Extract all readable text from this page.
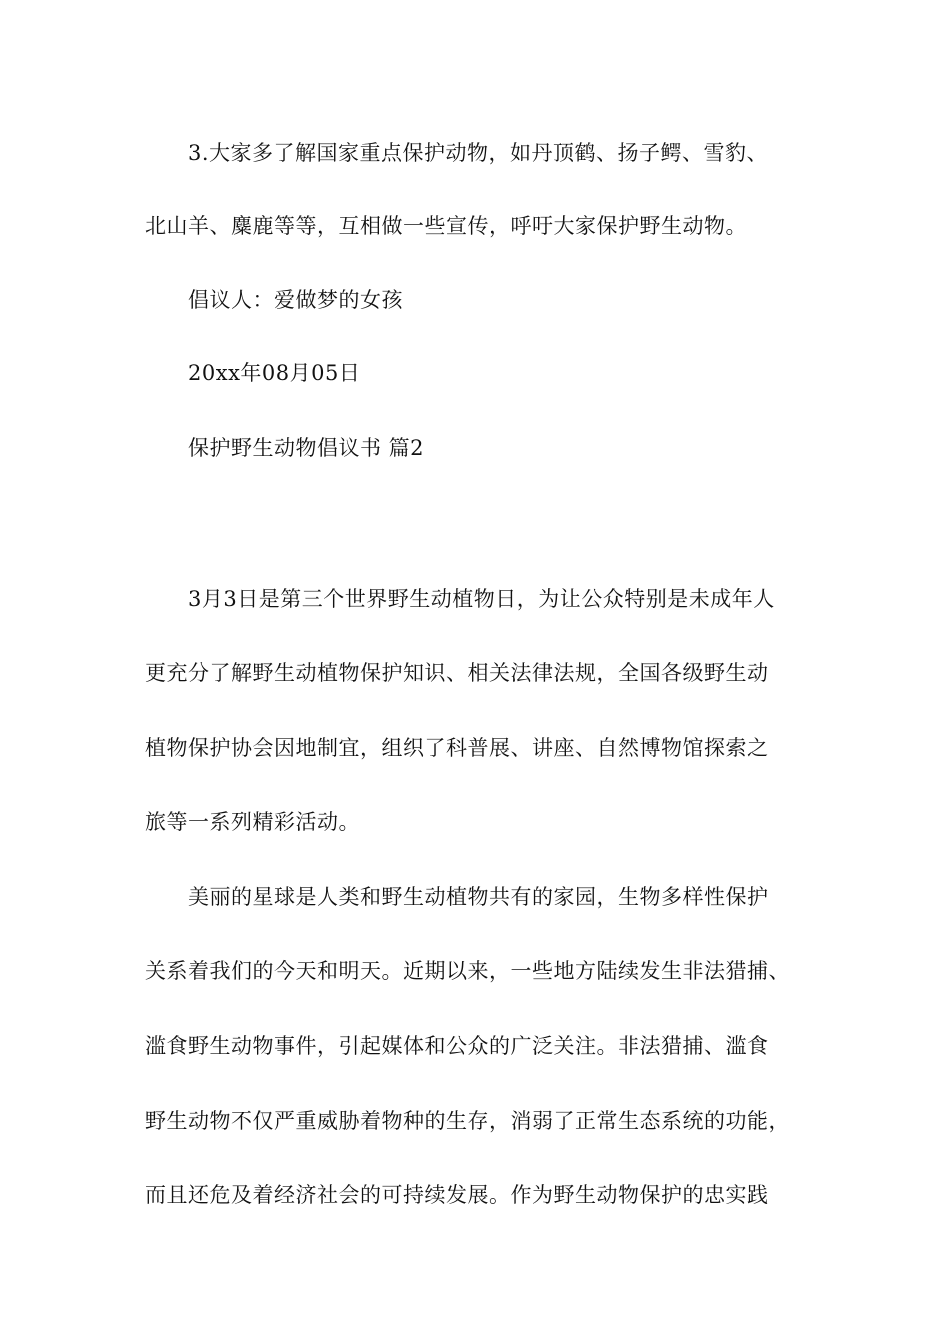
3.大家多了解国家重点保护动物，如丹顶鹤、扬子鳄、雪豹、
北山羊、麋鹿等等，互相做一些宣传，呼吁大家保护野生动物。
倡议人：爱做梦的女孩
20xx年08月05日
保护野生动物倡议书 篇2
3月3日是第三个世界野生动植物日，为让公众特别是未成年人
更充分了解野生动植物保护知识、相关法律法规，全国各级野生动
植物保护协会因地制宜，组织了科普展、讲座、自然博物馆探索之
旅等一系列精彩活动。
美丽的星球是人类和野生动植物共有的家园，生物多样性保护
关系着我们的今天和明天。近期以来，一些地方陆续发生非法猎捕、
滥食野生动物事件，引起媒体和公众的广泛关注。非法猎捕、滥食
野生动物不仅严重威胁着物种的生存，消弱了正常生态系统的功能，
而且还危及着经济社会的可持续发展。作为野生动物保护的忠实践
